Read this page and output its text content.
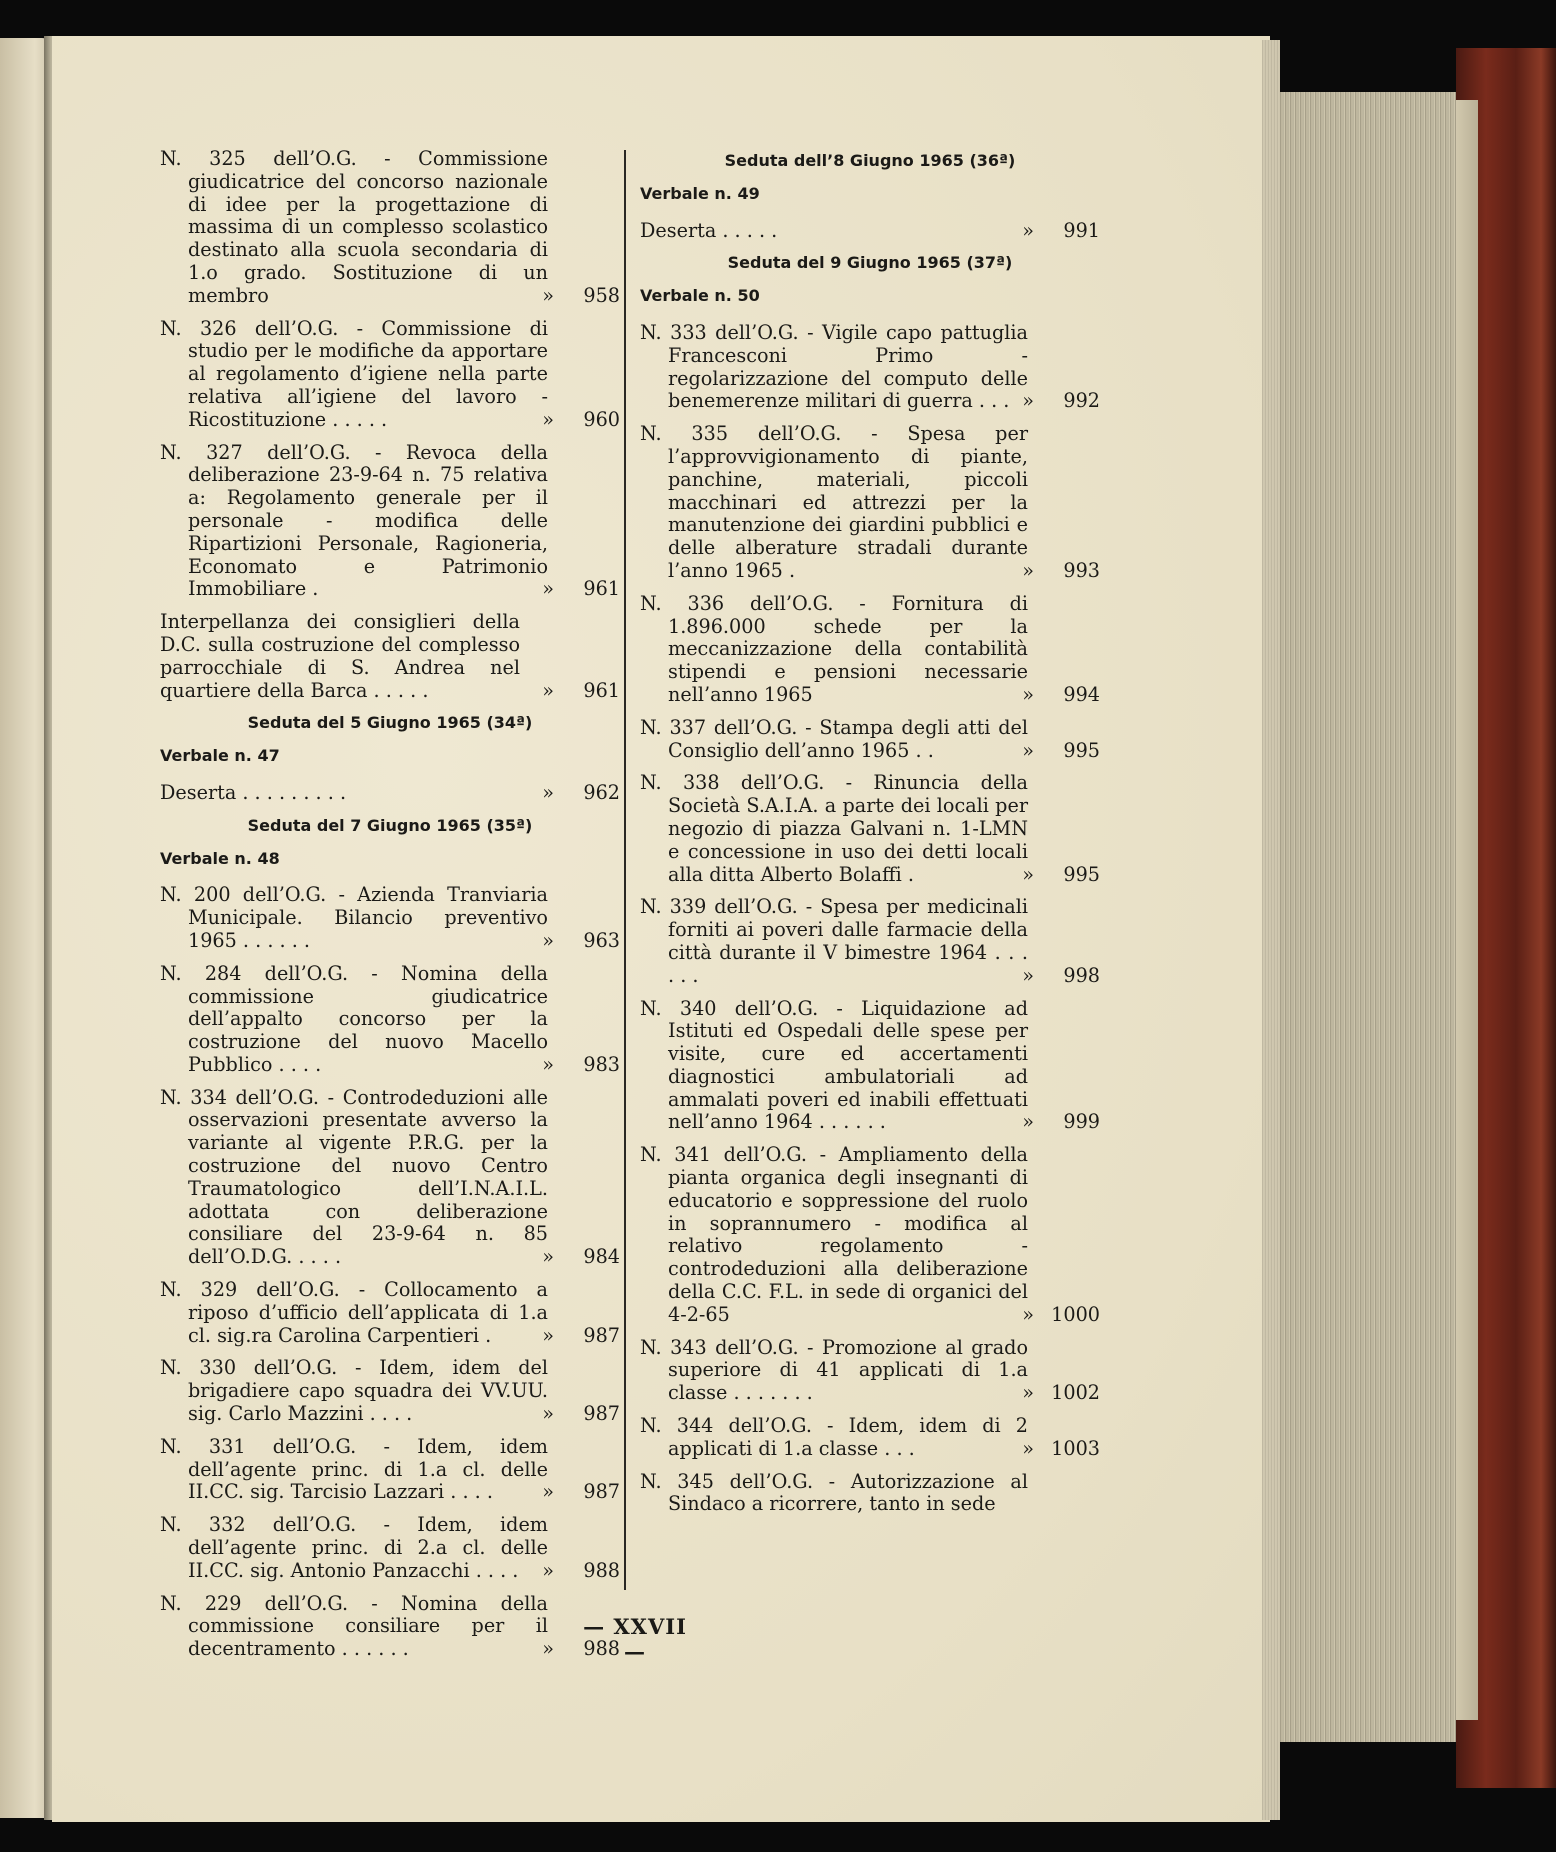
N. 325 dell’O.G. - Commissione giudicatrice del concorso nazionale di idee per la progettazione di massima di un complesso scolastico destinato alla scuola secondaria di 1.o grado. Sostituzione di un membro	»	958
N. 326 dell’O.G. - Commissione di studio per le modifiche da apportare al regolamento d’igiene nella parte relativa all’igiene del lavoro - Ricostituzione . . . . .	»	960
N. 327 dell’O.G. - Revoca della deliberazione 23-9-64 n. 75 relativa a: Regolamento generale per il personale - modifica delle Ripartizioni Personale, Ragioneria, Economato e Patrimonio Immobiliare .	»	961
Interpellanza dei consiglieri della D.C. sulla costruzione del complesso parrocchiale di S. Andrea nel quartiere della Barca . . . . .	»	961
Seduta del 5 Giugno 1965 (34ª)
Verbale n. 47
Deserta . . . . . . . . .	»	962
Seduta del 7 Giugno 1965 (35ª)
Verbale n. 48
N. 200 dell’O.G. - Azienda Tranviaria Municipale. Bilancio preventivo 1965 . . . . . .	»	963
N. 284 dell’O.G. - Nomina della commissione giudicatrice dell’appalto concorso per la costruzione del nuovo Macello Pubblico . . . .	»	983
N. 334 dell’O.G. - Controdeduzioni alle osservazioni presentate avverso la variante al vigente P.R.G. per la costruzione del nuovo Centro Traumatologico dell’I.N.A.I.L. adottata con deliberazione consiliare del 23-9-64 n. 85 dell’O.D.G. . . . .	»	984
N. 329 dell’O.G. - Collocamento a riposo d’ufficio dell’applicata di 1.a cl. sig.ra Carolina Carpentieri .	»	987
N. 330 dell’O.G. - Idem, idem del brigadiere capo squadra dei VV.UU. sig. Carlo Mazzini . . . .	»	987
N. 331 dell’O.G. - Idem, idem dell’agente princ. di 1.a cl. delle II.CC. sig. Tarcisio Lazzari . . . .	»	987
N. 332 dell’O.G. - Idem, idem dell’agente princ. di 2.a cl. delle II.CC. sig. Antonio Panzacchi . . . .	»	988
N. 229 dell’O.G. - Nomina della commissione consiliare per il decentramento . . . . . .	»	988
Seduta dell’8 Giugno 1965 (36ª)
Verbale n. 49
Deserta . . . . .	»	991
Seduta del 9 Giugno 1965 (37ª)
Verbale n. 50
N. 333 dell’O.G. - Vigile capo pattuglia Francesconi Primo - regolarizzazione del computo delle benemerenze militari di guerra . . . »	992
N. 335 dell’O.G. - Spesa per l’approvvigionamento di piante, panchine, materiali, piccoli macchinari ed attrezzi per la manutenzione dei giardini pubblici e delle alberature stradali durante l’anno 1965 .	»	993
N. 336 dell’O.G. - Fornitura di 1.896.000 schede per la meccanizzazione della contabilità stipendi e pensioni necessarie nell’anno 1965	»	994
N. 337 dell’O.G. - Stampa degli atti del Consiglio dell’anno 1965 . .	»	995
N. 338 dell’O.G. - Rinuncia della Società S.A.I.A. a parte dei locali per negozio di piazza Galvani n. 1-LMN e concessione in uso dei detti locali alla ditta Alberto Bolaffi .	»	995
N. 339 dell’O.G. - Spesa per medicinali forniti ai poveri dalle farmacie della città durante il V bimestre 1964 . . . . . .	»	998
N. 340 dell’O.G. - Liquidazione ad Istituti ed Ospedali delle spese per visite, cure ed accertamenti diagnostici ambulatoriali ad ammalati poveri ed inabili effettuati nell’anno 1964 . . . . . .	»	999
N. 341 dell’O.G. - Ampliamento della pianta organica degli insegnanti di educatorio e soppressione del ruolo in soprannumero - modifica al relativo regolamento - controdeduzioni alla deliberazione della C.C. F.L. in sede di organici del 4-2-65	» 1000
N. 343 dell’O.G. - Promozione al grado superiore di 41 applicati di 1.a classe . . . . . . .	» 1002
N. 344 dell’O.G. - Idem, idem di 2 applicati di 1.a classe . . .	» 1003
N. 345 dell’O.G. - Autorizzazione al Sindaco a ricorrere, tanto in sede
— XXVII —
